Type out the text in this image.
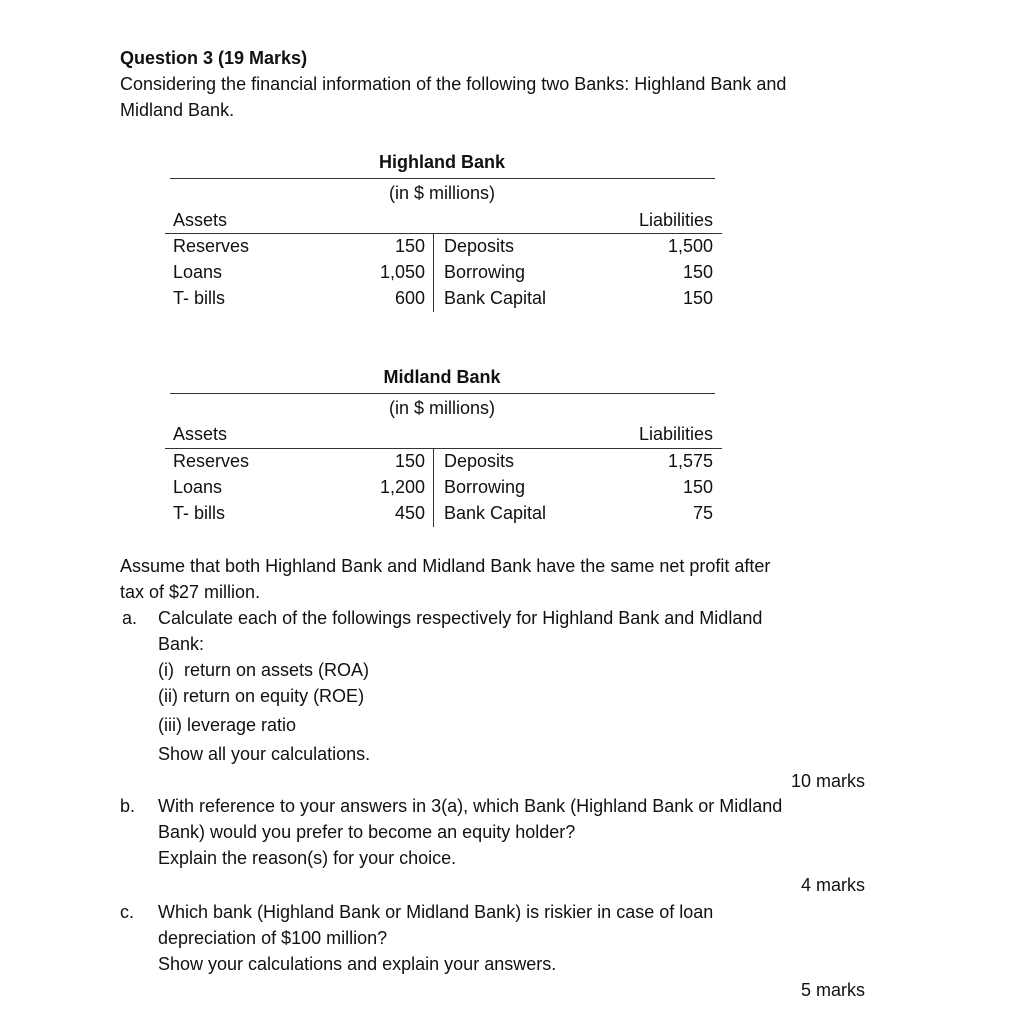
Question 3 (19 Marks)
Considering the financial information of the following two Banks: Highland Bank and
Midland Bank.
Highland Bank
(in $ millions)
Assets	Liabilities
Reserves	150 Deposits	1,500
Loans	1,050 Borrowing	150
T- bills	600 Bank Capital	150
Midland Bank
(in $ millions)
Assets	Liabilities
Reserves	150 Deposits	1,575
Loans	1,200 Borrowing	150
T- bills	450 Bank Capital	75
Assume that both Highland Bank and Midland Bank have the same net profit after
tax of $27 million.
a. Calculate each of the followings respectively for Highland Bank and Midland
Bank:
(i)  return on assets (ROA)
(ii) return on equity (ROE)
(iii) leverage ratio
Show all your calculations.
10 marks
b. With reference to your answers in 3(a), which Bank (Highland Bank or Midland
Bank) would you prefer to become an equity holder?
Explain the reason(s) for your choice.
4 marks
c. Which bank (Highland Bank or Midland Bank) is riskier in case of loan
depreciation of $100 million?
Show your calculations and explain your answers.
5 marks
